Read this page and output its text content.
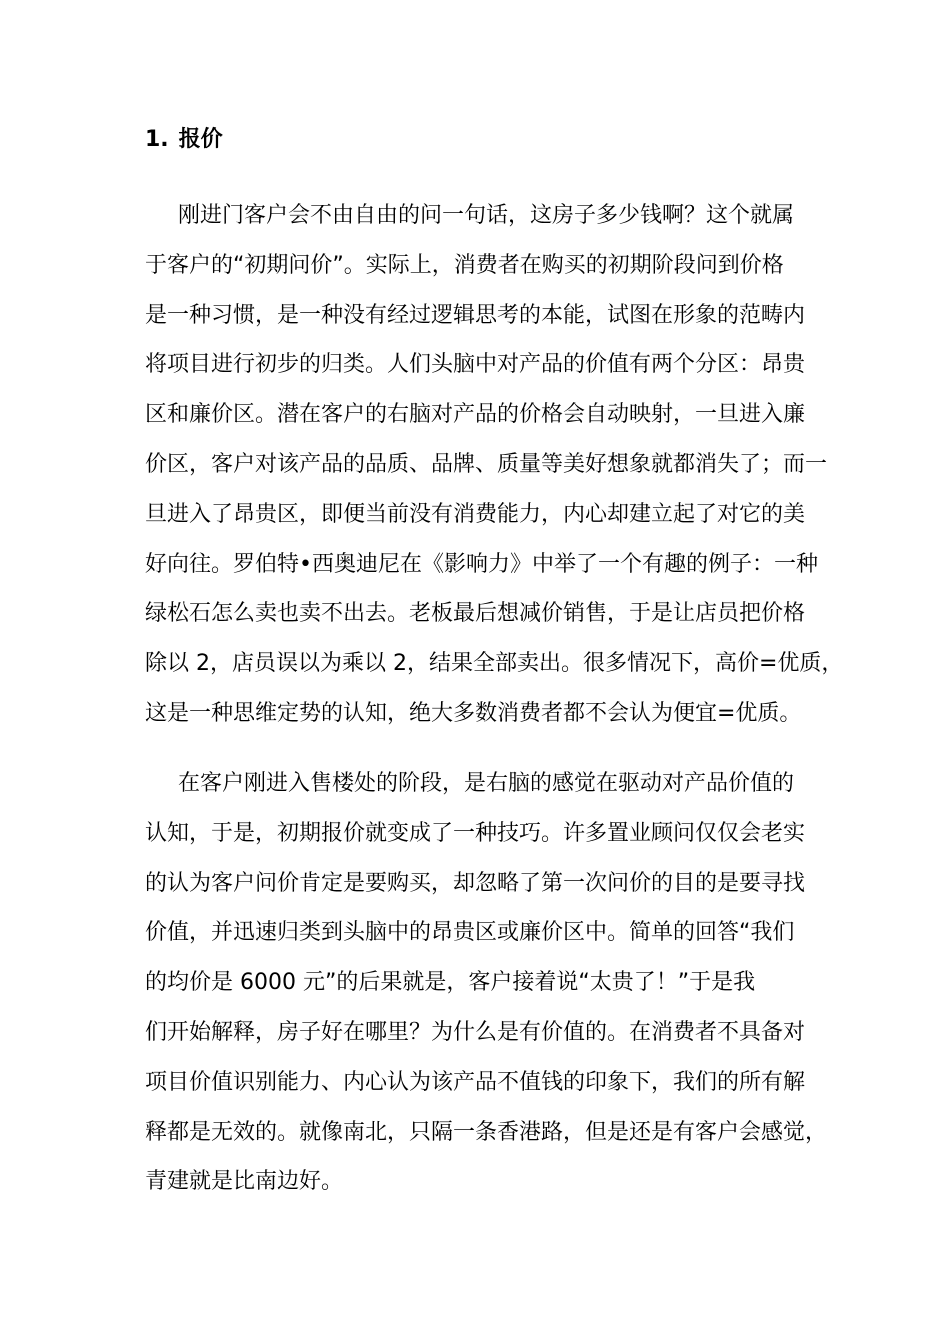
1. 报价
刚进门客户会不由自由的问一句话，这房子多少钱啊？这个就属
于客户的“初期问价”。实际上，消费者在购买的初期阶段问到价格
是一种习惯，是一种没有经过逻辑思考的本能，试图在形象的范畴内
将项目进行初步的归类。人们头脑中对产品的价值有两个分区：昂贵
区和廉价区。潜在客户的右脑对产品的价格会自动映射，一旦进入廉
价区，客户对该产品的品质、品牌、质量等美好想象就都消失了；而一
旦进入了昂贵区，即便当前没有消费能力，内心却建立起了对它的美
好向往。罗伯特•西奥迪尼在《影响力》中举了一个有趣的例子：一种
绿松石怎么卖也卖不出去。老板最后想减价销售，于是让店员把价格
除以 2，店员误以为乘以 2，结果全部卖出。很多情况下，高价=优质，
这是一种思维定势的认知，绝大多数消费者都不会认为便宜=优质。
在客户刚进入售楼处的阶段，是右脑的感觉在驱动对产品价值的
认知，于是，初期报价就变成了一种技巧。许多置业顾问仅仅会老实
的认为客户问价肯定是要购买，却忽略了第一次问价的目的是要寻找
价值，并迅速归类到头脑中的昂贵区或廉价区中。简单的回答“我们
的均价是 6000 元”的后果就是，客户接着说“太贵了！”于是我
们开始解释，房子好在哪里？为什么是有价值的。在消费者不具备对
项目价值识别能力、内心认为该产品不值钱的印象下，我们的所有解
释都是无效的。就像南北，只隔一条香港路，但是还是有客户会感觉，
青建就是比南边好。
